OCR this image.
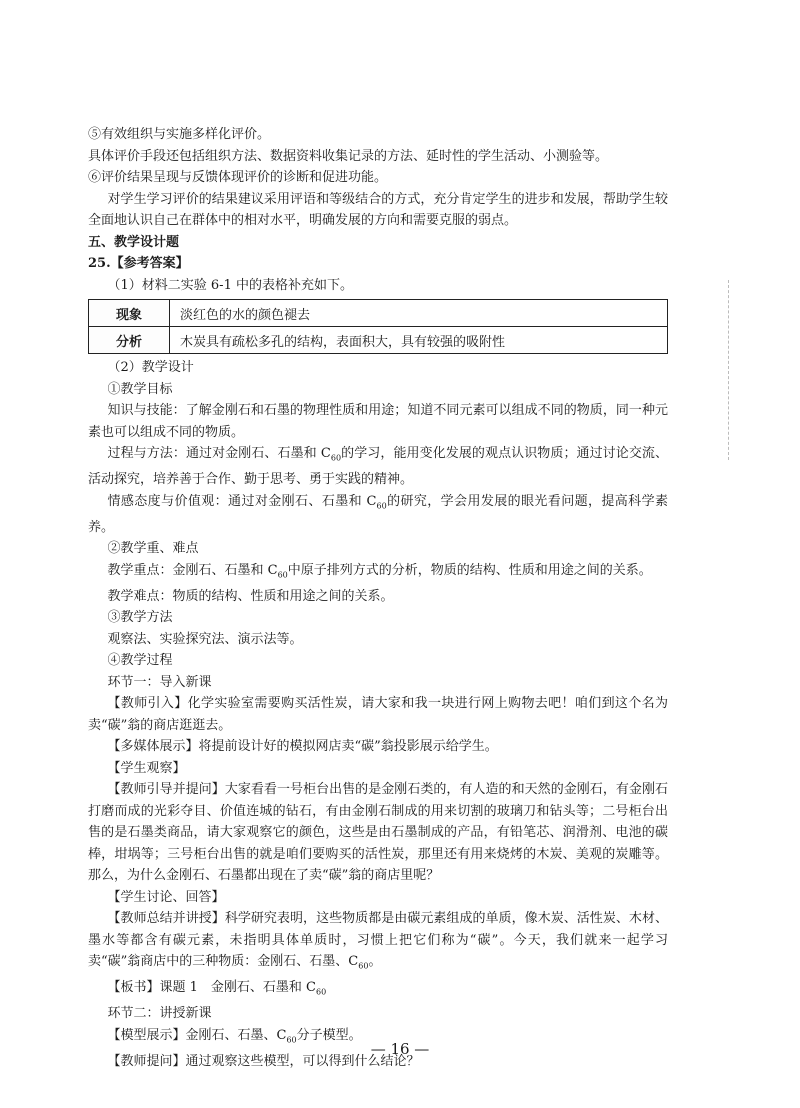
⑤有效组织与实施多样化评价。

具体评价手段还包括组织方法、数据资料收集记录的方法、延时性的学生活动、小测验等。

⑥评价结果呈现与反馈体现评价的诊断和促进功能。

对学生学习评价的结果建议采用评语和等级结合的方式，充分肯定学生的进步和发展，帮助学生较全面地认识自己在群体中的相对水平，明确发展的方向和需要克服的弱点。

五、教学设计题

25.【参考答案】

（1）材料二实验 6-1 中的表格补充如下。

现象	淡红色的水的颜色褪去
分析	木炭具有疏松多孔的结构，表面积大，具有较强的吸附性

（2）教学设计

①教学目标

知识与技能：了解金刚石和石墨的物理性质和用途；知道不同元素可以组成不同的物质，同一种元素也可以组成不同的物质。

过程与方法：通过对金刚石、石墨和 $C_{60}$的学习，能用变化发展的观点认识物质；通过讨论交流、活动探究，培养善于合作、勤于思考、勇于实践的精神。

情感态度与价值观：通过对金刚石、石墨和 $C_{60}$的研究，学会用发展的眼光看问题，提高科学素养。

②教学重、难点

教学重点：金刚石、石墨和 $C_{60}$中原子排列方式的分析，物质的结构、性质和用途之间的关系。

教学难点：物质的结构、性质和用途之间的关系。

③教学方法

观察法、实验探究法、演示法等。

④教学过程

环节一：导入新课

【教师引入】化学实验室需要购买活性炭，请大家和我一块进行网上购物去吧！咱们到这个名为卖“碳”翁的商店逛逛去。

【多媒体展示】将提前设计好的模拟网店卖“碳”翁投影展示给学生。

【学生观察】

【教师引导并提问】大家看看一号柜台出售的是金刚石类的，有人造的和天然的金刚石，有金刚石打磨而成的光彩夺目、价值连城的钻石，有由金刚石制成的用来切割的玻璃刀和钻头等；二号柜台出售的是石墨类商品，请大家观察它的颜色，这些是由石墨制成的产品，有铅笔芯、润滑剂、电池的碳棒，坩埚等；三号柜台出售的就是咱们要购买的活性炭，那里还有用来烧烤的木炭、美观的炭雕等。那么，为什么金刚石、石墨都出现在了卖“碳”翁的商店里呢？

【学生讨论、回答】

【教师总结并讲授】科学研究表明，这些物质都是由碳元素组成的单质，像木炭、活性炭、木材、墨水等都含有碳元素，未指明具体单质时，习惯上把它们称为“碳”。今天，我们就来一起学习卖“碳”翁商店中的三种物质：金刚石、石墨、$C_{60}$。

【板书】课题 1　金刚石、石墨和 $C_{60}$

环节二：讲授新课

【模型展示】金刚石、石墨、$C_{60}$分子模型。

【教师提问】通过观察这些模型，可以得到什么结论？

— 16 —
